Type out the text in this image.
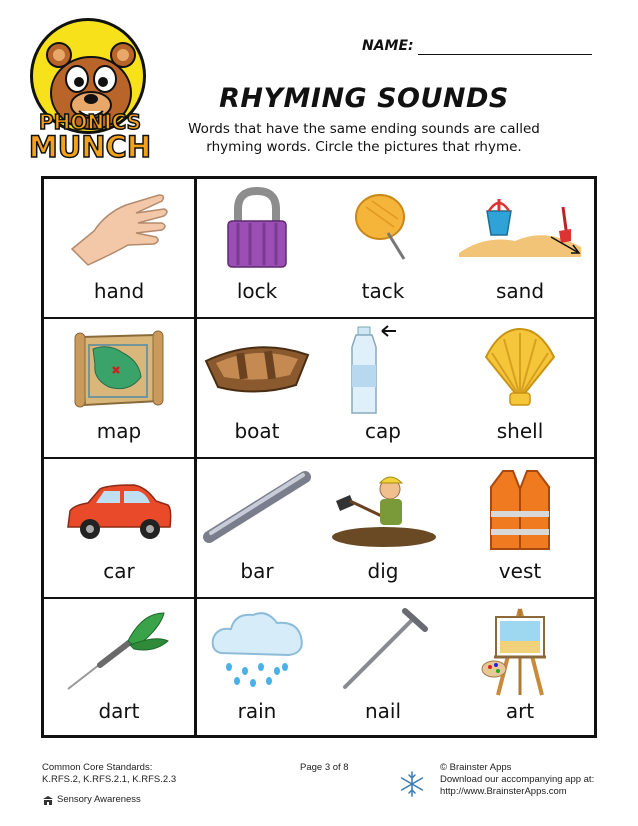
PHONICS
MUNCH
NAME:
RHYMING SOUNDS
Words that have the same ending sounds are called rhyming words. Circle the pictures that rhyme.
hand	lock	tack	sand
map	boat	cap	shell
car	bar	dig	vest
dart	rain	nail	art
Common Core Standards:
K.RFS.2, K.RFS.2.1, K.RFS.2.3
Sensory Awareness
Page 3 of 8	© Brainster Apps
Download our accompanying app at:
http://www.BrainsterApps.com
